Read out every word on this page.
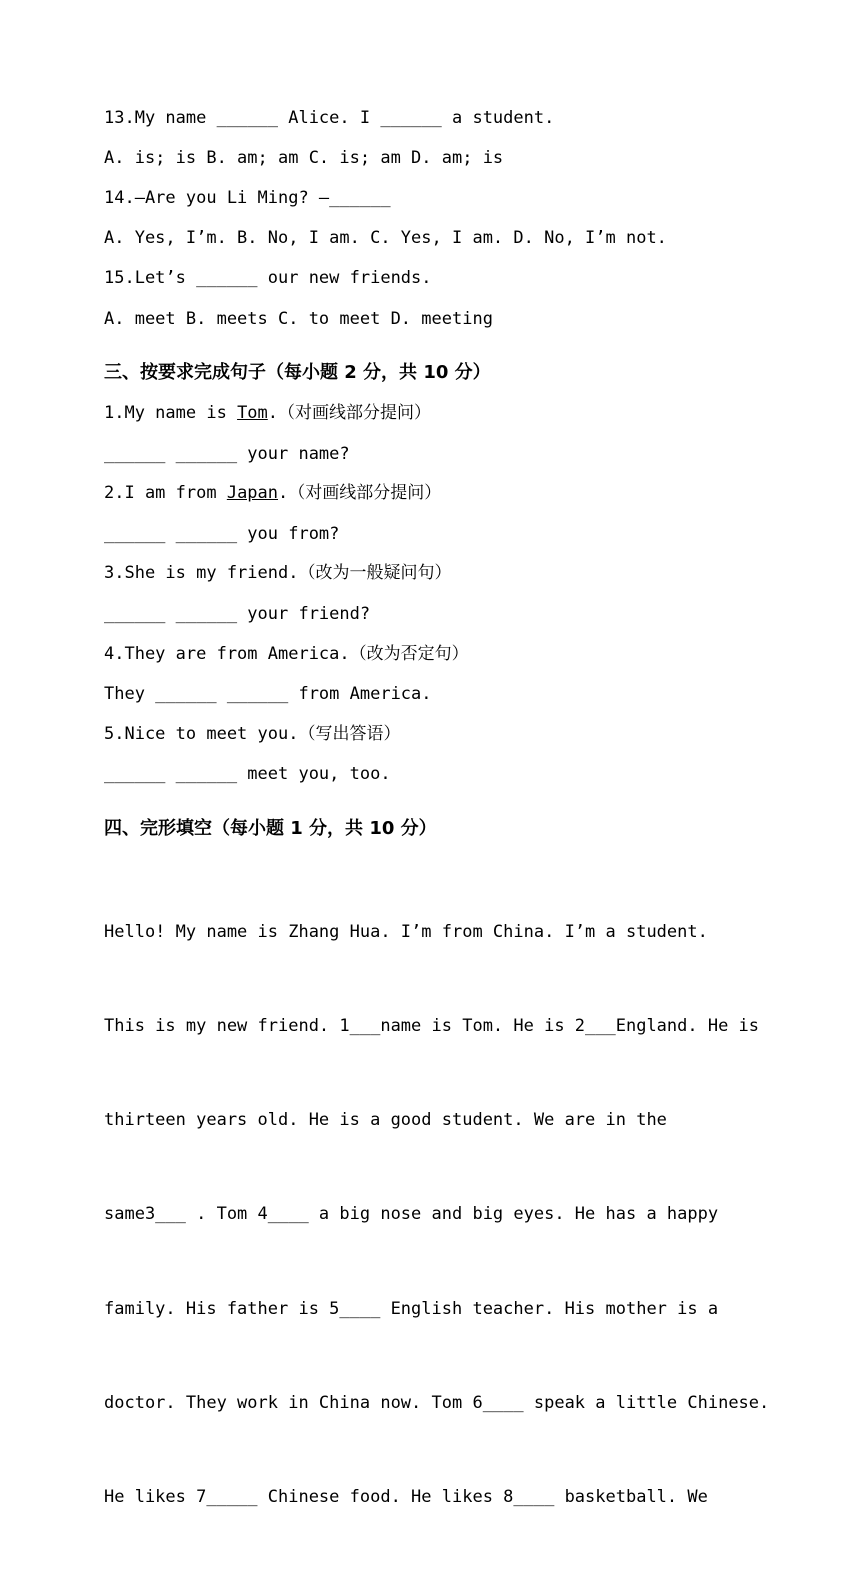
13.My name ______ Alice. I ______ a student.
A. is; is B. am; am C. is; am D. am; is
14.—Are you Li Ming? —______
A. Yes, I’m. B. No, I am. C. Yes, I am. D. No, I’m not.
15.Let’s ______ our new friends.
A. meet B. meets C. to meet D. meeting
三、按要求完成句子（每小题 2 分，共 10 分）
1.My name is Tom.（对画线部分提问）
______ ______ your name?
2.I am from Japan.（对画线部分提问）
______ ______ you from?
3.She is my friend.（改为一般疑问句）
______ ______ your friend?
4.They are from America.（改为否定句）
They ______ ______ from America.
5.Nice to meet you.（写出答语）
______ ______ meet you, too.
四、完形填空（每小题 1 分，共 10 分）

Hello! My name is Zhang Hua. I’m from China. I’m a student.

This is my new friend. 1___name is Tom. He is 2___England. He is

thirteen years old. He is a good student. We are in the

same3___ . Tom 4____ a big nose and big eyes. He has a happy

family. His father is 5____ English teacher. His mother is a

doctor. They work in China now. Tom 6____ speak a little Chinese.

He likes 7_____ Chinese food. He likes 8____ basketball. We
